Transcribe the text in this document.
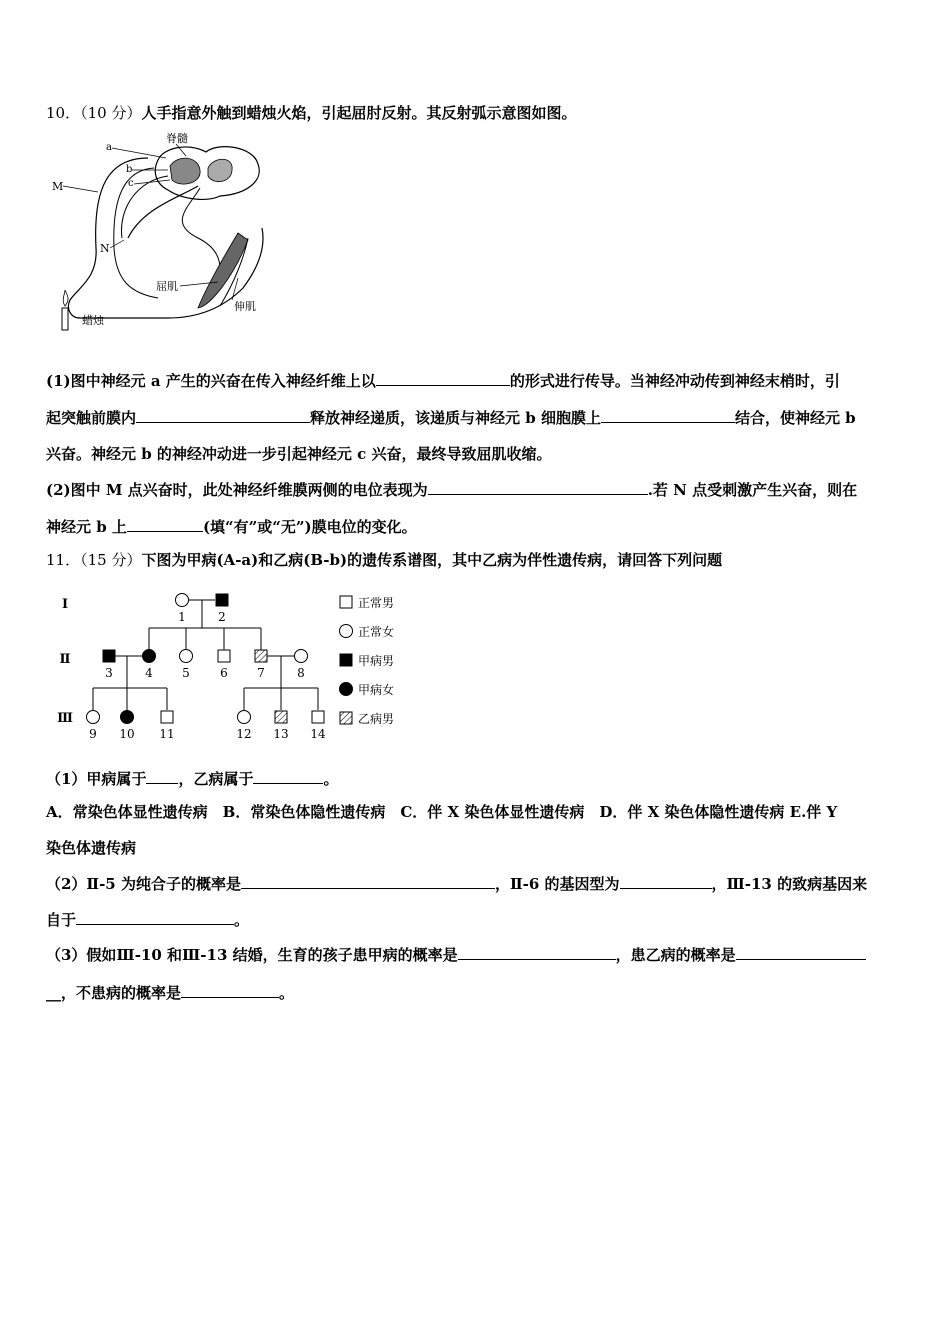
10．（10 分）人手指意外触到蜡烛火焰，引起屈肘反射。其反射弧示意图如图。
脊髓
a
b
c
M
N
屈肌
伸肌
蜡烛
(1)图中神经元 a 产生的兴奋在传入神经纤维上以	的形式进行传导。当神经冲动传到神经末梢时，引
起突触前膜内	释放神经递质，该递质与神经元 b 细胞膜上	结合，使神经元 b
兴奋。神经元 b 的神经冲动进一步引起神经元 c 兴奋，最终导致屈肌收缩。
(2)图中 M 点兴奋时，此处神经纤维膜两侧的电位表现为	.若 N 点受刺激产生兴奋，则在
神经元 b 上	(填“有”或“无”)膜电位的变化。
11．（15 分）下图为甲病(A-a)和乙病(B-b)的遗传系谱图，其中乙病为伴性遗传病，请回答下列问题
Ⅰ
Ⅱ
Ⅲ
1	2
3	4 5	6 7	8
9 10 11	12 13 14
正常男
正常女
甲病男
甲病女
乙病男
（1）甲病属于 ，乙病属于	。
A．常染色体显性遗传病　B．常染色体隐性遗传病　C．伴 X 染色体显性遗传病　D．伴 X 染色体隐性遗传病 E.伴 Y
染色体遗传病
（2）Ⅱ-5 为纯合子的概率是	，Ⅱ-6 的基因型为	，Ⅲ-13 的致病基因来
自于	。
（3）假如Ⅲ-10 和Ⅲ-13 结婚，生育的孩子患甲病的概率是	，患乙病的概率是
__，不患病的概率是	。
